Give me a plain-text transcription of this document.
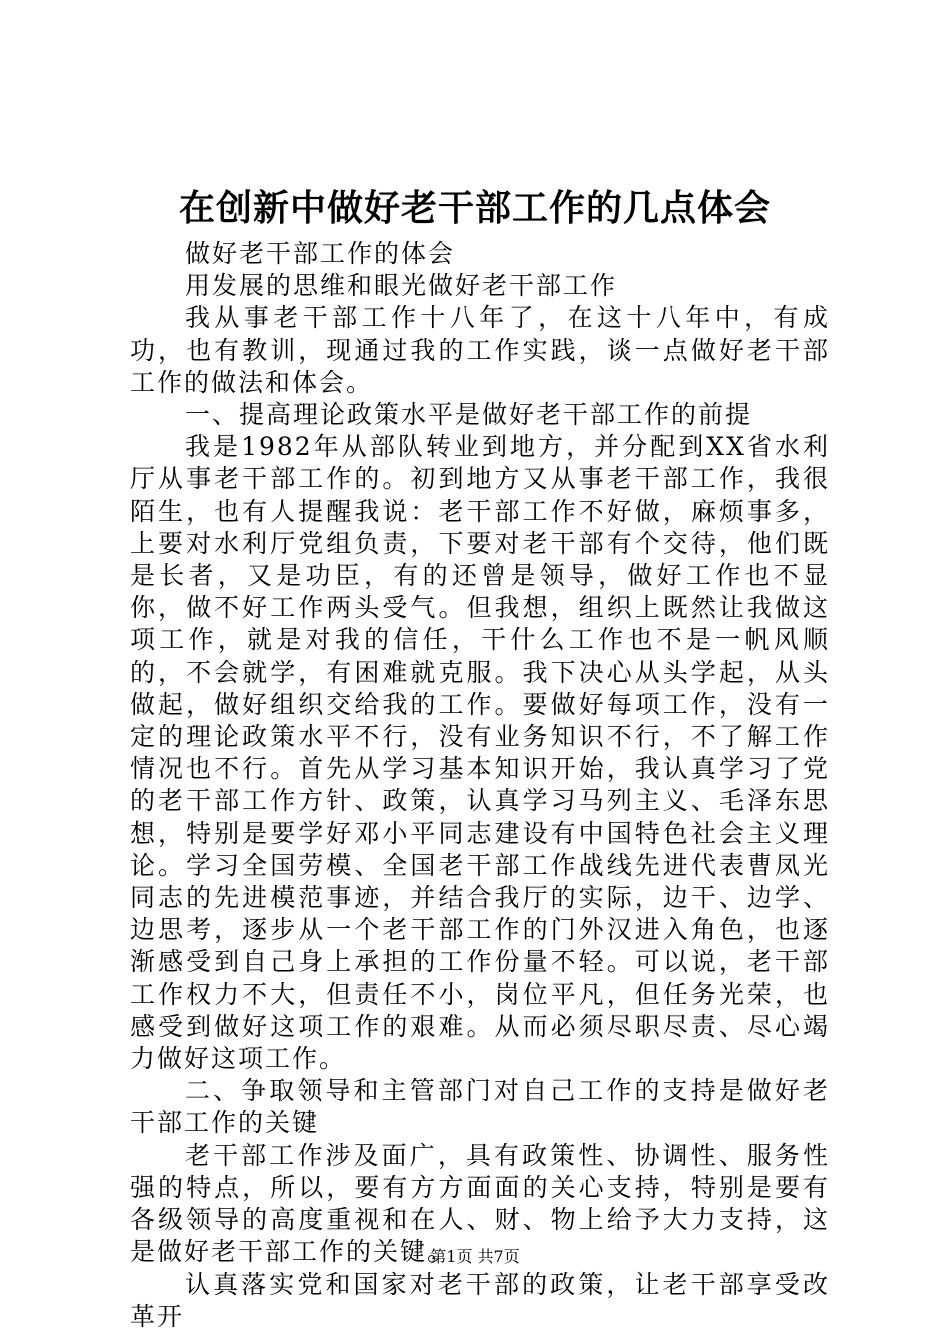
在创新中做好老干部工作的几点体会

做好老干部工作的体会

用发展的思维和眼光做好老干部工作

我从事老干部工作十八年了，在这十八年中，有成功，也有教训，现通过我的工作实践，谈一点做好老干部工作的做法和体会。

一、提高理论政策水平是做好老干部工作的前提

我是1982年从部队转业到地方，并分配到XX省水利厅从事老干部工作的。初到地方又从事老干部工作，我很陌生，也有人提醒我说：老干部工作不好做，麻烦事多，上要对水利厅党组负责，下要对老干部有个交待，他们既是长者，又是功臣，有的还曾是领导，做好工作也不显你，做不好工作两头受气。但我想，组织上既然让我做这项工作，就是对我的信任，干什么工作也不是一帆风顺的，不会就学，有困难就克服。我下决心从头学起，从头做起，做好组织交给我的工作。要做好每项工作，没有一定的理论政策水平不行，没有业务知识不行，不了解工作情况也不行。首先从学习基本知识开始，我认真学习了党的老干部工作方针、政策，认真学习马列主义、毛泽东思想，特别是要学好邓小平同志建设有中国特色社会主义理论。学习全国劳模、全国老干部工作战线先进代表曹凤光同志的先进模范事迹，并结合我厅的实际，边干、边学、边思考，逐步从一个老干部工作的门外汉进入角色，也逐渐感受到自己身上承担的工作份量不轻。可以说，老干部工作权力不大，但责任不小，岗位平凡，但任务光荣，也感受到做好这项工作的艰难。从而必须尽职尽责、尽心竭力做好这项工作。

二、争取领导和主管部门对自己工作的支持是做好老干部工作的关键

老干部工作涉及面广，具有政策性、协调性、服务性强的特点，所以，要有方方面面的关心支持，特别是要有各级领导的高度重视和在人、财、物上给予大力支持，这是做好老干部工作的关键。

认真落实党和国家对老干部的政策，让老干部享受改革开

第1页 共7页
